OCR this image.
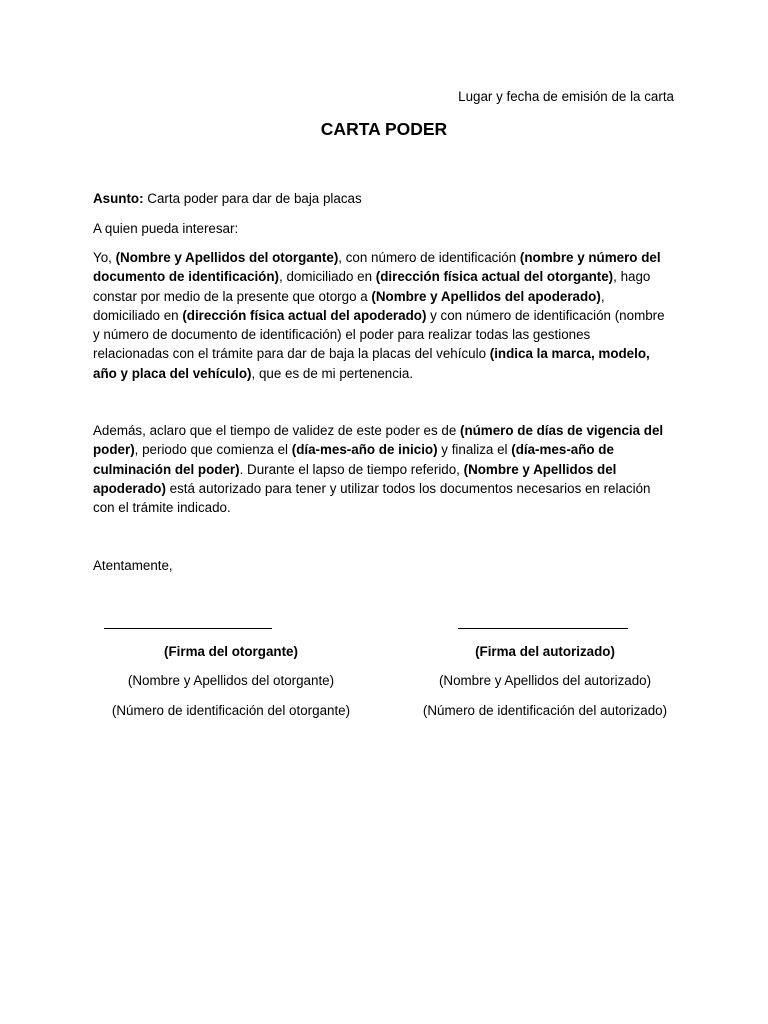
Lugar y fecha de emisión de la carta
CARTA PODER

Asunto: Carta poder para dar de baja placas

A quien pueda interesar:

Yo, (Nombre y Apellidos del otorgante), con número de identificación (nombre y número del documento de identificación), domiciliado en (dirección física actual del otorgante), hago constar por medio de la presente que otorgo a (Nombre y Apellidos del apoderado), domiciliado en (dirección física actual del apoderado) y con número de identificación (nombre y número de documento de identificación) el poder para realizar todas las gestiones relacionadas con el trámite para dar de baja la placas del vehículo (indica la marca, modelo, año y placa del vehículo), que es de mi pertenencia.

Además, aclaro que el tiempo de validez de este poder es de (número de días de vigencia del poder), periodo que comienza el (día-mes-año de inicio) y finaliza el (día-mes-año de culminación del poder). Durante el lapso de tiempo referido, (Nombre y Apellidos del apoderado) está autorizado para tener y utilizar todos los documentos necesarios en relación con el trámite indicado.

Atentamente,

(Firma del otorgante)	(Firma del autorizado)
(Nombre y Apellidos del otorgante)	(Nombre y Apellidos del autorizado)
(Número de identificación del otorgante)	(Número de identificación del autorizado)
